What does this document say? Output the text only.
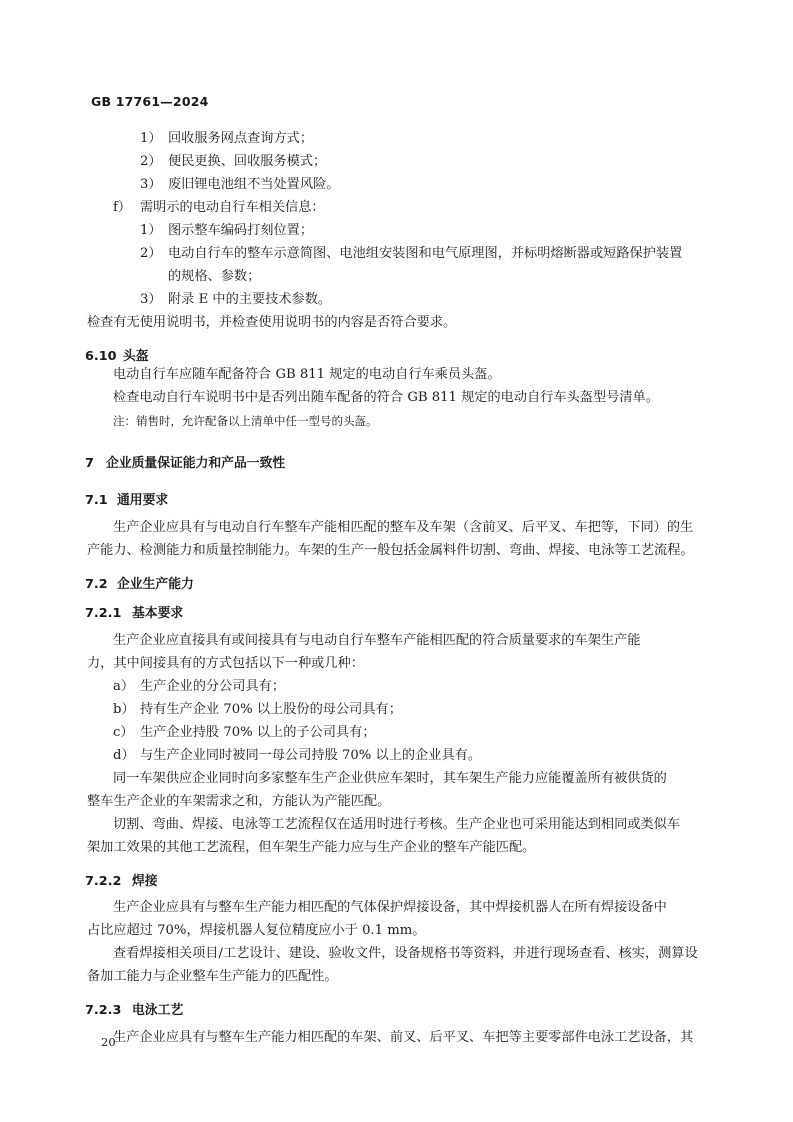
GB 17761—2024
1） 回收服务网点查询方式；
2） 便民更换、回收服务模式；
3） 废旧锂电池组不当处置风险。
f） 需明示的电动自行车相关信息：
1） 图示整车编码打刻位置；
2） 电动自行车的整车示意简图、电池组安装图和电气原理图，并标明熔断器或短路保护装置
的规格、参数；
3） 附录 E 中的主要技术参数。
检查有无使用说明书，并检查使用说明书的内容是否符合要求。
6.10 头盔
电动自行车应随车配备符合 GB 811 规定的电动自行车乘员头盔。
检查电动自行车说明书中是否列出随车配备的符合 GB 811 规定的电动自行车头盔型号清单。
注：销售时，允许配备以上清单中任一型号的头盔。
7 企业质量保证能力和产品一致性
7.1 通用要求
生产企业应具有与电动自行车整车产能相匹配的整车及车架（含前叉、后平叉、车把等，下同）的生
产能力、检测能力和质量控制能力。车架的生产一般包括金属料件切割、弯曲、焊接、电泳等工艺流程。
7.2 企业生产能力
7.2.1 基本要求
生产企业应直接具有或间接具有与电动自行车整车产能相匹配的符合质量要求的车架生产能
力，其中间接具有的方式包括以下一种或几种：
a） 生产企业的分公司具有；
b） 持有生产企业 70% 以上股份的母公司具有；
c） 生产企业持股 70% 以上的子公司具有；
d） 与生产企业同时被同一母公司持股 70% 以上的企业具有。
同一车架供应企业同时向多家整车生产企业供应车架时，其车架生产能力应能覆盖所有被供货的
整车生产企业的车架需求之和，方能认为产能匹配。
切割、弯曲、焊接、电泳等工艺流程仅在适用时进行考核。生产企业也可采用能达到相同或类似车
架加工效果的其他工艺流程，但车架生产能力应与生产企业的整车产能匹配。
7.2.2 焊接
生产企业应具有与整车生产能力相匹配的气体保护焊接设备，其中焊接机器人在所有焊接设备中
占比应超过 70%，焊接机器人复位精度应小于 0.1 mm。
查看焊接相关项目/工艺设计、建设、验收文件，设备规格书等资料，并进行现场查看、核实，测算设
备加工能力与企业整车生产能力的匹配性。
7.2.3 电泳工艺
生产企业应具有与整车生产能力相匹配的车架、前叉、后平叉、车把等主要零部件电泳工艺设备，其
20
